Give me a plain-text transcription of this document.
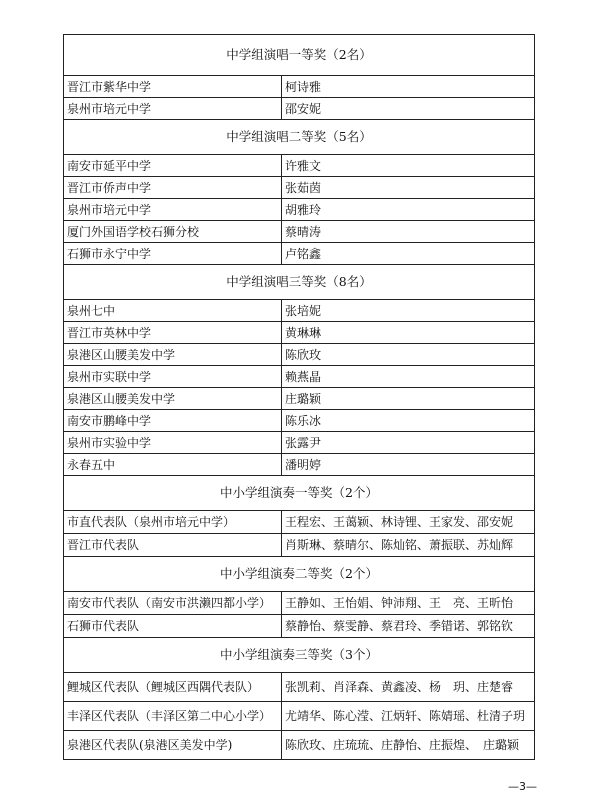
中学组演唱一等奖（2名）	
晋江市紫华中学	柯诗雅
泉州市培元中学	邵安妮
中学组演唱二等奖（5名）	
南安市延平中学	许雅文
晋江市侨声中学	张茹茵
泉州市培元中学	胡雅玲
厦门外国语学校石狮分校	蔡晴涛
石狮市永宁中学	卢铭鑫
中学组演唱三等奖（8名）	
泉州七中	张培妮
晋江市英林中学	黄琳琳
泉港区山腰美发中学	陈欣玫
泉州市实联中学	赖燕晶
泉港区山腰美发中学	庄璐颖
南安市鹏峰中学	陈乐冰
泉州市实验中学	张露尹
永春五中	潘明婷
中小学组演奏一等奖（2个）	
市直代表队（泉州市培元中学）	王程宏、王蔼颖、林诗锂、王家发、邵安妮
晋江市代表队	肖斯琳、蔡晴尔、陈灿铭、萧振联、苏灿辉
中小学组演奏二等奖（2个）	
南安市代表队（南安市洪濑四都小学）	王静如、王怡娟、钟沛翔、王　亮、王昕怡
石狮市代表队	蔡静怡、蔡雯静、蔡君玲、季错诺、郭铭钦
中小学组演奏三等奖（3个）	
鲤城区代表队（鲤城区西隅代表队）	张凯莉、肖泽森、黄鑫凌、杨　玥、庄楚睿
丰泽区代表队（丰泽区第二中心小学）	尤靖华、陈心滢、江炳轩、陈婧瑶、杜清子玥
泉港区代表队(泉港区美发中学)	陈欣玫、庄琉琉、庄静怡、庄振煌、　庄璐颖
—3—
